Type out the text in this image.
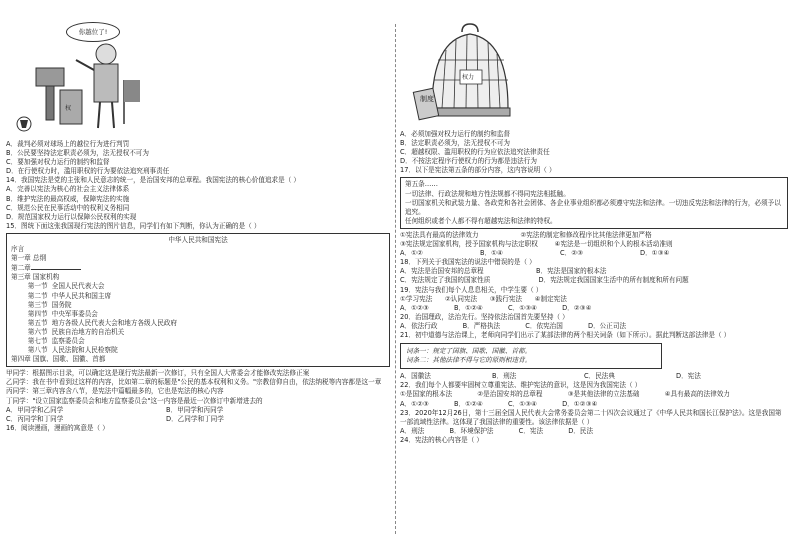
权
你越位了!
A．裁判必须对球场上的越位行为进行判罚
B．公民要坚持法定职责必须为，法无授权不可为
C．要加强对权力运行的制约和监督
D．在行使权力时，滥用职权的行为要依法追究刑事责任
14．我国宪法是党的主张和人民意志的统一，是治国安邦的总章程。我国宪法的核心价值追求是（ ）
A．完善以宪法为核心的社会主义法律体系
B．维护宪法的最高权威，保障宪法的实施
C．规范公民在民事活动中的权利义务相同
D．规范国家权力运行以保障公民权利的实现
15．图统下面这张我国现行宪法的图片信息，同学们有如下判断，你认为正确的是（ ）
中华人民共和国宪法
序言
第一章 总纲
第二章
第三章 国家机构
第一节  全国人民代表大会
第二节  中华人民共和国主席
第三节  国务院
第四节  中央军事委员会
第五节  地方各级人民代表大会和地方各级人民政府
第六节  民族自治地方的自治机关
第七节  监察委员会
第八节  人民法院和人民检察院
第四章 国旗、国歌、国徽、首都
甲同学：根据图示目录，可以确定这是现行宪法最新一次修订，只有全国人大常委会才能修改宪法修正案
乙同学：我在书中看到过这样的内容，比如第二章的标题是"公民的基本权利和义务。"宗教信仰自由，依法纳税等内容都是这一章
丙同学：第三章内容含八节，是宪法中篇幅最多的，它也是宪法的核心内容
丁同学："设立国家监察委员会和地方监察委员会"这一内容是最近一次修订中新增进去的
A．甲同学和乙同学	B．甲同学和丙同学
C．丙同学和丁同学	D．乙同学和丁同学
16．阅读漫画，漫画的寓意是（ ）
制度
权力
A．必须加强对权力运行的制约和监督
B．法定职责必须为，法无授权不可为
C．超越权限、滥用职权的行为应依法追究法律责任
D．不按法定程序行使权力的行为都是违法行为
17．以下是宪法第五条的部分内容，这内容说明（ ）
第五条……
一切法律、行政法规和地方性法规都不得同宪法相抵触。
一切国家机关和武装力量、各政党和各社会团体、各企业事业组织都必须遵守宪法和法律。一切违反宪法和法律的行为，必须予以追究。
任何组织或者个人都不得有超越宪法和法律的特权。
①宪法具有最高的法律效力                    ②宪法的制定和修改程序比其他法律更加严格
③宪法规定国家机构，授予国家机构与法定职权        ④宪法是一切组织和个人的根本活动准则
A．①②	B．①④	C．②③	D．①③④
18．下列关于我国宪法的说法中错误的是（ ）
A．宪法是治国安邦的总章程                         B．宪法是国家的根本法
C．宪法规定了我国的国家性质                       D．宪法规定我国国家生活中的所有制度和所有问题
19．宪法与我们每个人息息相关，中学生要（ ）
①学习宪法      ②认同宪法      ③践行宪法      ④制定宪法
A．①②③            B．①②④            C．①③④            D．②③④
20．治国理政，法治先行。坚持依法治国首先要坚持（ ）
A．依法行政            B．严格执法            C．依宪治国            D．公正司法
21．初中道德与法治课上，老师向同学们出示了某部法律的两个相关词条（如下所示）。据此判断这部法律是（ ）
词条一：规定了国旗、国歌、国徽、首都。
词条二：其他法律不得与它的原则相违背。
A．国徽法	B．刑法	C．民法典	D．宪法
22．我们每个人都要牢固树立尊重宪法、维护宪法的意识，这是因为我国宪法（ ）
①是国家的根本法            ②是治国安邦的总章程            ③是其他法律的立法基础            ④具有最高的法律效力
A．①②③            B．①②④            C．①③④            D．①②③④
23．2020年12月26日，第十三届全国人民代表大会常务委员会第二十四次会议通过了《中华人民共和国长江保护法》。这是我国第一部流域性法律。这体现了我国法律的重要性。该法律依据是（ ）
A．刑法            B．环境保护法            C．宪法            D．民法
24．宪法的核心内容是（ ）
